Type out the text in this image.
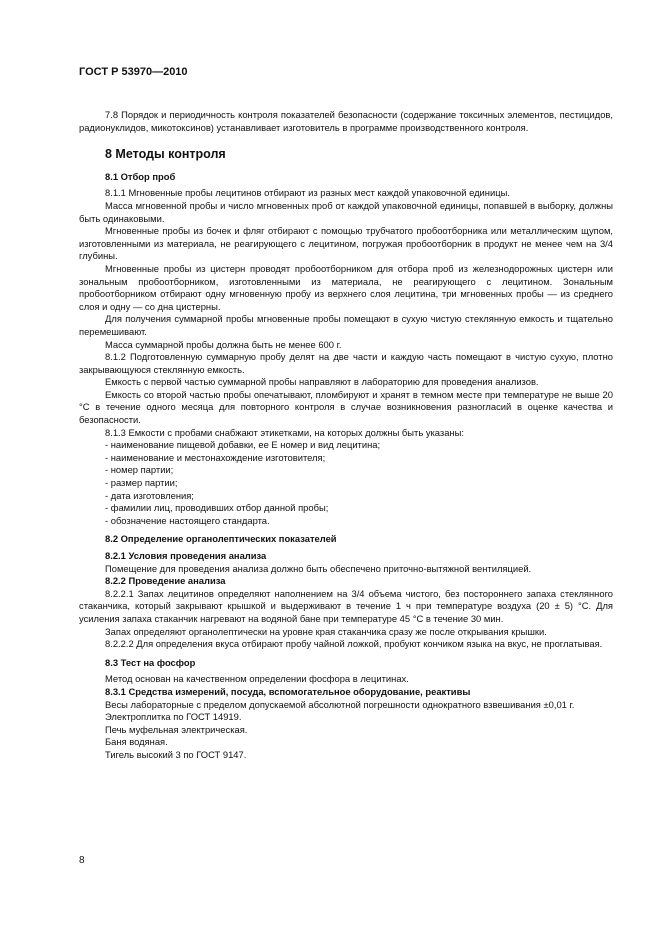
ГОСТ Р 53970—2010

7.8 Порядок и периодичность контроля показателей безопасности (содержание токсичных элементов, пестицидов, радионуклидов, микотоксинов) устанавливает изготовитель в программе производственного контроля.

8 Методы контроля

8.1 Отбор проб

8.1.1 Мгновенные пробы лецитинов отбирают из разных мест каждой упаковочной единицы.

Масса мгновенной пробы и число мгновенных проб от каждой упаковочной единицы, попавшей в выборку, должны быть одинаковыми.

Мгновенные пробы из бочек и фляг отбирают с помощью трубчатого пробоотборника или металлическим щупом, изготовленными из материала, не реагирующего с лецитином, погружая пробоотборник в продукт не менее чем на 3/4 глубины.

Мгновенные пробы из цистерн проводят пробоотборником для отбора проб из железнодорожных цистерн или зональным пробоотборником, изготовленными из материала, не реагирующего с лецитином. Зональным пробоотборником отбирают одну мгновенную пробу из верхнего слоя лецитина, три мгновенных пробы — из среднего слоя и одну — со дна цистерны.

Для получения суммарной пробы мгновенные пробы помещают в сухую чистую стеклянную емкость и тщательно перемешивают.

Масса суммарной пробы должна быть не менее 600 г.

8.1.2 Подготовленную суммарную пробу делят на две части и каждую часть помещают в чистую сухую, плотно закрывающуюся стеклянную емкость.

Емкость с первой частью суммарной пробы направляют в лабораторию для проведения анализов.

Емкость со второй частью пробы опечатывают, пломбируют и хранят в темном месте при температуре не выше 20 °С в течение одного месяца для повторного контроля в случае возникновения разногласий в оценке качества и безопасности.

8.1.3 Емкости с пробами снабжают этикетками, на которых должны быть указаны:

- наименование пищевой добавки, ее Е номер и вид лецитина;

- наименование и местонахождение изготовителя;

- номер партии;

- размер партии;

- дата изготовления;

- фамилии лиц, проводивших отбор данной пробы;

- обозначение настоящего стандарта.

8.2 Определение органолептических показателей

8.2.1 Условия проведения анализа

Помещение для проведения анализа должно быть обеспечено приточно-вытяжной вентиляцией.

8.2.2 Проведение анализа

8.2.2.1 Запах лецитинов определяют наполнением на 3/4 объема чистого, без постороннего запаха стеклянного стаканчика, который закрывают крышкой и выдерживают в течение 1 ч при температуре воздуха (20 ± 5) °С. Для усиления запаха стаканчик нагревают на водяной бане при температуре 45 °С в течение 30 мин.

Запах определяют органолептически на уровне края стаканчика сразу же после открывания крышки.

8.2.2.2 Для определения вкуса отбирают пробу чайной ложкой, пробуют кончиком языка на вкус, не проглатывая.

8.3 Тест на фосфор

Метод основан на качественном определении фосфора в лецитинах.

8.3.1 Средства измерений, посуда, вспомогательное оборудование, реактивы

Весы лабораторные с пределом допускаемой абсолютной погрешности однократного взвешивания ±0,01 г.

Электроплитка по ГОСТ 14919.

Печь муфельная электрическая.

Баня водяная.

Тигель высокий 3 по ГОСТ 9147.

8
